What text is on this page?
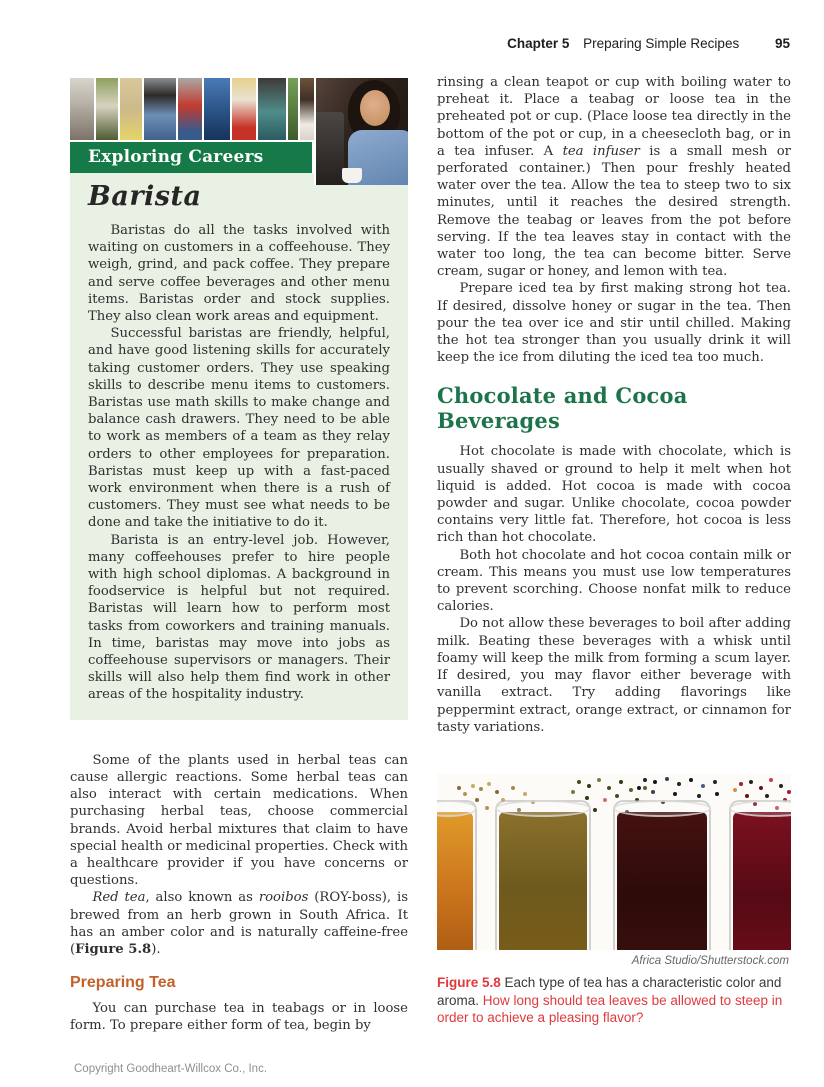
Chapter 5 Preparing Simple Recipes	95
Exploring Careers
Barista

Baristas do all the tasks involved with waiting on customers in a coffeehouse. They weigh, grind, and pack coffee. They prepare and serve coffee beverages and other menu items. Baristas order and stock supplies. They also clean work areas and equipment.

Successful baristas are friendly, helpful, and have good listening skills for accurately taking customer orders. They use speaking skills to describe menu items to customers. Baristas use math skills to make change and balance cash drawers. They need to be able to work as members of a team as they relay orders to other employees for preparation. Baristas must keep up with a fast-paced work environment when there is a rush of customers. They must see what needs to be done and take the initiative to do it.

Barista is an entry-level job. However, many coffeehouses prefer to hire people with high school diplomas. A background in foodservice is helpful but not required. Baristas will learn how to perform most tasks from coworkers and training manuals. In time, baristas may move into jobs as coffeehouse supervisors or managers. Their skills will also help them find work in other areas of the hospitality industry.

Some of the plants used in herbal teas can cause allergic reactions. Some herbal teas can also interact with certain medications. When purchasing herbal teas, choose commercial brands. Avoid herbal mixtures that claim to have special health or medicinal properties. Check with a healthcare provider if you have concerns or questions.

Red tea, also known as rooibos (ROY-boss), is brewed from an herb grown in South Africa. It has an amber color and is naturally caffeine-free (Figure 5.8).

Preparing Tea

You can purchase tea in teabags or in loose form. To prepare either form of tea, begin by

rinsing a clean teapot or cup with boiling water to preheat it. Place a teabag or loose tea in the preheated pot or cup. (Place loose tea directly in the bottom of the pot or cup, in a cheesecloth bag, or in a tea infuser. A tea infuser is a small mesh or perforated container.) Then pour freshly heated water over the tea. Allow the tea to steep two to six minutes, until it reaches the desired strength. Remove the teabag or leaves from the pot before serving. If the tea leaves stay in contact with the water too long, the tea can become bitter. Serve cream, sugar or honey, and lemon with tea.

Prepare iced tea by first making strong hot tea. If desired, dissolve honey or sugar in the tea. Then pour the tea over ice and stir until chilled. Making the hot tea stronger than you usually drink it will keep the ice from diluting the iced tea too much.

Chocolate and Cocoa Beverages

Hot chocolate is made with chocolate, which is usually shaved or ground to help it melt when hot liquid is added. Hot cocoa is made with cocoa powder and sugar. Unlike chocolate, cocoa powder contains very little fat. Therefore, hot cocoa is less rich than hot chocolate.

Both hot chocolate and hot cocoa contain milk or cream. This means you must use low temperatures to prevent scorching. Choose nonfat milk to reduce calories.

Do not allow these beverages to boil after adding milk. Beating these beverages with a whisk until foamy will keep the milk from forming a scum layer. If desired, you may flavor either beverage with vanilla extract. Try adding flavorings like peppermint extract, orange extract, or cinnamon for tasty variations.

Africa Studio/Shutterstock.com
Figure 5.8 Each type of tea has a characteristic color and aroma. How long should tea leaves be allowed to steep in order to achieve a pleasing flavor?
Copyright Goodheart-Willcox Co., Inc.
